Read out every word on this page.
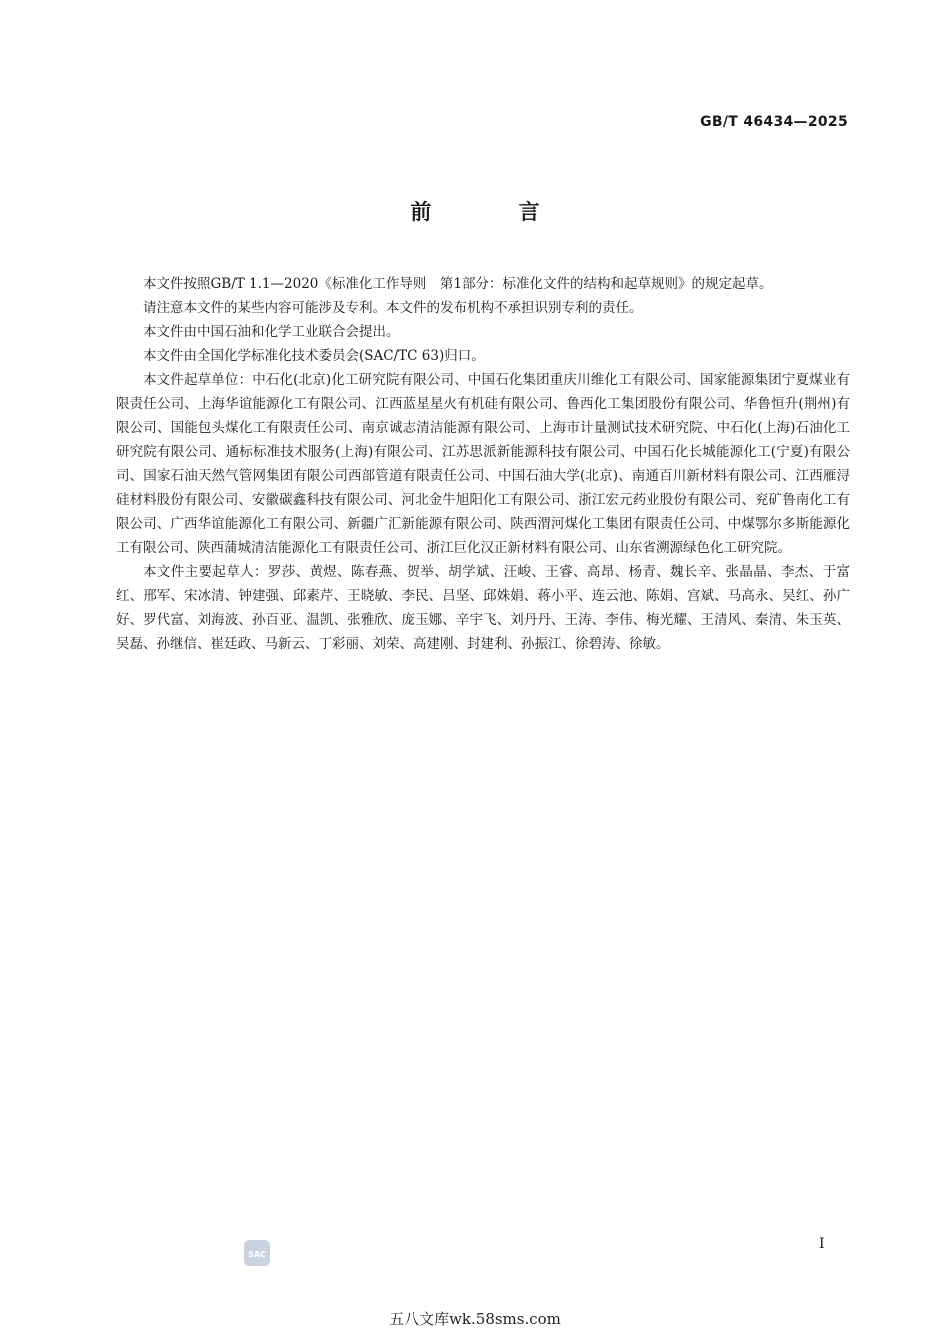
GB/T 46434—2025
前 言

本文件按照GB/T 1.1—2020《标准化工作导则　第1部分：标准化文件的结构和起草规则》的规定起草。

请注意本文件的某些内容可能涉及专利。本文件的发布机构不承担识别专利的责任。

本文件由中国石油和化学工业联合会提出。

本文件由全国化学标准化技术委员会(SAC/TC 63)归口。

本文件起草单位：中石化(北京)化工研究院有限公司、中国石化集团重庆川维化工有限公司、国家能源集团宁夏煤业有限责任公司、上海华谊能源化工有限公司、江西蓝星星火有机硅有限公司、鲁西化工集团股份有限公司、华鲁恒升(荆州)有限公司、国能包头煤化工有限责任公司、南京诚志清洁能源有限公司、上海市计量测试技术研究院、中石化(上海)石油化工研究院有限公司、通标标准技术服务(上海)有限公司、江苏思派新能源科技有限公司、中国石化长城能源化工(宁夏)有限公司、国家石油天然气管网集团有限公司西部管道有限责任公司、中国石油大学(北京)、南通百川新材料有限公司、江西雁浔硅材料股份有限公司、安徽碳鑫科技有限公司、河北金牛旭阳化工有限公司、浙江宏元药业股份有限公司、兖矿鲁南化工有限公司、广西华谊能源化工有限公司、新疆广汇新能源有限公司、陕西渭河煤化工集团有限责任公司、中煤鄂尔多斯能源化工有限公司、陕西蒲城清洁能源化工有限责任公司、浙江巨化汉正新材料有限公司、山东省溯源绿色化工研究院。

本文件主要起草人：罗莎、黄煜、陈春燕、贺举、胡学斌、汪峻、王睿、高昂、杨青、魏长辛、张晶晶、李杰、于富红、邢军、宋冰清、钟建强、邱素芹、王晓敏、李民、吕坚、邱姝娟、蒋小平、连云池、陈娟、宫斌、马高永、吴红、孙广好、罗代富、刘海波、孙百亚、温凯、张雅欣、庞玉娜、辛宇飞、刘丹丹、王涛、李伟、梅光耀、王清风、秦清、朱玉英、吴磊、孙继信、崔廷政、马新云、丁彩丽、刘荣、高建刚、封建利、孙振江、徐碧涛、徐敏。

SAC
I
五八文库wk.58sms.com
